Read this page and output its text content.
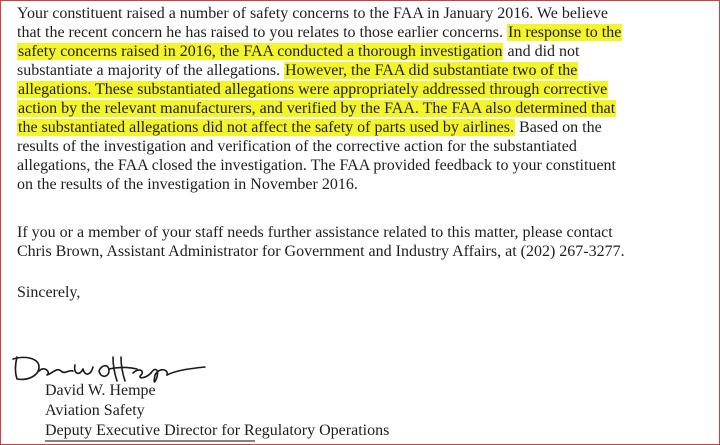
Your constituent raised a number of safety concerns to the FAA in January 2016. We believe
that the recent concern he has raised to you relates to those earlier concerns. In response to the
safety concerns raised in 2016, the FAA conducted a thorough investigation and did not
substantiate a majority of the allegations. However, the FAA did substantiate two of the
allegations. These substantiated allegations were appropriately addressed through corrective
action by the relevant manufacturers, and verified by the FAA. The FAA also determined that
the substantiated allegations did not affect the safety of parts used by airlines. Based on the
results of the investigation and verification of the corrective action for the substantiated
allegations, the FAA closed the investigation. The FAA provided feedback to your constituent
on the results of the investigation in November 2016.
If you or a member of your staff needs further assistance related to this matter, please contact
Chris Brown, Assistant Administrator for Government and Industry Affairs, at (202) 267-3277.
Sincerely,
David W. Hempe
Aviation Safety
Deputy Executive Director for Regulatory Operations
